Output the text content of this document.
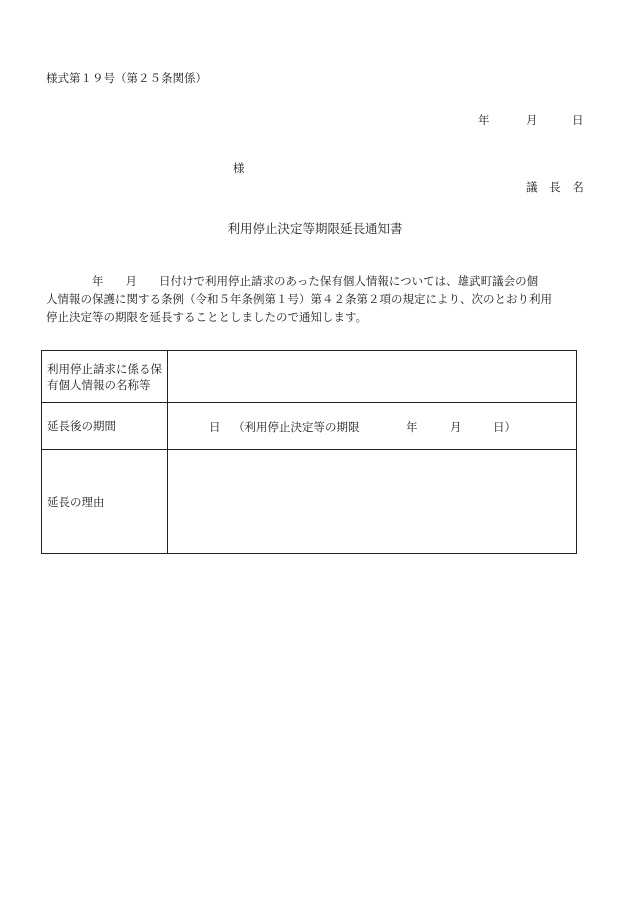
様式第１９号（第２５条関係）
年	月	日
様
議 長 名
利用停止決定等期限延長通知書
年 月 日付けで利用停止請求のあった保有個人情報については、雄武町議会の個
人情報の保護に関する条例（令和５年条例第１号）第４２条第２項の規定により、次のとおり利用
停止決定等の期限を延長することとしましたので通知します。
利用停止請求に係る保有個人情報の名称等	
延長後の期間	日 （利用停止決定等の期限 年 月 日）

延長の理由	
